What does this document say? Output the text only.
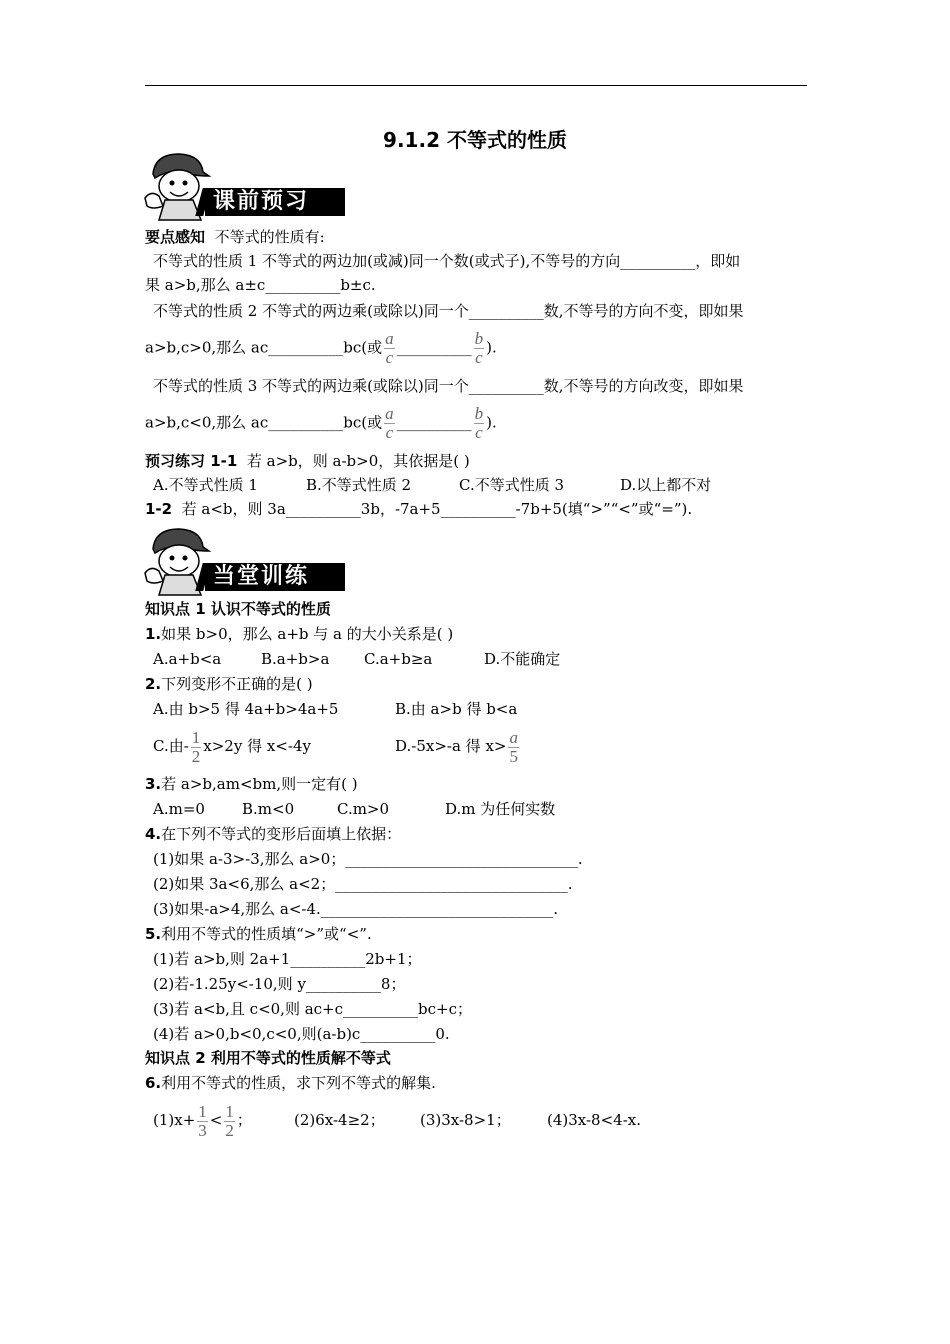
9.1.2 不等式的性质
课前预习
要点感知 不等式的性质有:
不等式的性质 1 不等式的两边加(或减)同一个数(或式子),不等号的方向__________，即如
果 a>b,那么 a±c__________b±c.
不等式的性质 2 不等式的两边乘(或除以)同一个__________数,不等号的方向不变，即如果
a>b,c>0,那么 ac__________bc(或 $\frac{a}{c}$ __________ $\frac{b}{c}$ ).
不等式的性质 3 不等式的两边乘(或除以)同一个__________数,不等号的方向改变，即如果
a>b,c<0,那么 ac__________bc(或 $\frac{a}{c}$ __________ $\frac{b}{c}$ ).
预习练习 1-1 若 a>b，则 a-b>0，其依据是( )
A.不等式性质 1	B.不等式性质 2	C.不等式性质 3	D.以上都不对
1-2 若 a<b，则 3a__________3b，-7a+5__________-7b+5(填“>”“<”或“=”).
当堂训练
知识点 1 认识不等式的性质
1.如果 b>0，那么 a+b 与 a 的大小关系是( )
A.a+b<a	B.a+b>a C.a+b≥a	D.不能确定
2.下列变形不正确的是( )
A.由 b>5 得 4a+b>4a+5	B.由 a>b 得 b<a
C.由- $\frac{1}{2} x>2y$ 得 x<-4y	D.-5x>-a 得 $x> \frac{a}{5}$
3.若 a>b,am<bm,则一定有( )
A.m=0 B.m<0	C.m>0	D.m 为任何实数
4.在下列不等式的变形后面填上依据：
(1)如果 a-3>-3,那么 a>0；_______________________________.
(2)如果 3a<6,那么 a<2；_______________________________.
(3)如果-a>4,那么 a<-4._______________________________.
5.利用不等式的性质填“>”或“<”.
(1)若 a>b,则 2a+1__________2b+1；
(2)若-1.25y<-10,则 y__________8；
(3)若 a<b,且 c<0,则 ac+c__________bc+c；
(4)若 a>0,b<0,c<0,则(a-b)c__________0.
知识点 2 利用不等式的性质解不等式
6.利用不等式的性质，求下列不等式的解集.
$(1)x+ \frac{1}{3} < \frac{1}{2}$ ；	(2)6x-4≥2； (3)3x-8>1； (4)3x-8<4-x.
